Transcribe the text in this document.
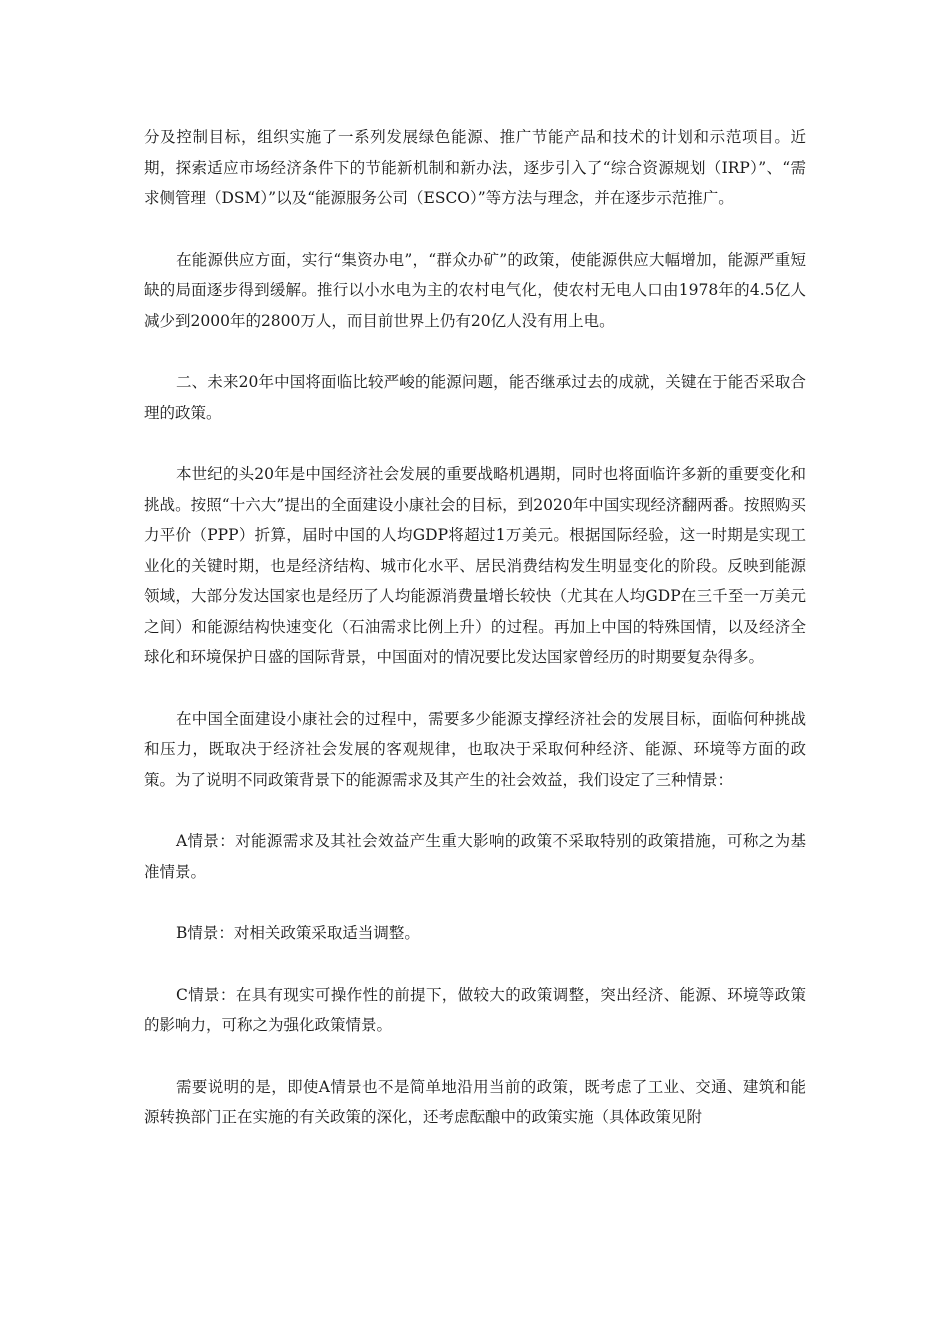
分及控制目标，组织实施了一系列发展绿色能源、推广节能产品和技术的计划和示范项目。近期，探索适应市场经济条件下的节能新机制和新办法，逐步引入了“综合资源规划（IRP）”、“需求侧管理（DSM）”以及“能源服务公司（ESCO）”等方法与理念，并在逐步示范推广。

在能源供应方面，实行“集资办电”，“群众办矿”的政策，使能源供应大幅增加，能源严重短缺的局面逐步得到缓解。推行以小水电为主的农村电气化，使农村无电人口由1978年的4.5亿人减少到2000年的2800万人，而目前世界上仍有20亿人没有用上电。

二、未来20年中国将面临比较严峻的能源问题，能否继承过去的成就，关键在于能否采取合理的政策。

本世纪的头20年是中国经济社会发展的重要战略机遇期，同时也将面临许多新的重要变化和挑战。按照“十六大”提出的全面建设小康社会的目标，到2020年中国实现经济翻两番。按照购买力平价（PPP）折算，届时中国的人均GDP将超过1万美元。根据国际经验，这一时期是实现工业化的关键时期，也是经济结构、城市化水平、居民消费结构发生明显变化的阶段。反映到能源领域，大部分发达国家也是经历了人均能源消费量增长较快（尤其在人均GDP在三千至一万美元之间）和能源结构快速变化（石油需求比例上升）的过程。再加上中国的特殊国情，以及经济全球化和环境保护日盛的国际背景，中国面对的情况要比发达国家曾经历的时期要复杂得多。

在中国全面建设小康社会的过程中，需要多少能源支撑经济社会的发展目标，面临何种挑战和压力，既取决于经济社会发展的客观规律，也取决于采取何种经济、能源、环境等方面的政策。为了说明不同政策背景下的能源需求及其产生的社会效益，我们设定了三种情景：

A情景：对能源需求及其社会效益产生重大影响的政策不采取特别的政策措施，可称之为基准情景。

B情景：对相关政策采取适当调整。

C情景：在具有现实可操作性的前提下，做较大的政策调整，突出经济、能源、环境等政策的影响力，可称之为强化政策情景。

需要说明的是，即使A情景也不是简单地沿用当前的政策，既考虑了工业、交通、建筑和能源转换部门正在实施的有关政策的深化，还考虑酝酿中的政策实施（具体政策见附
